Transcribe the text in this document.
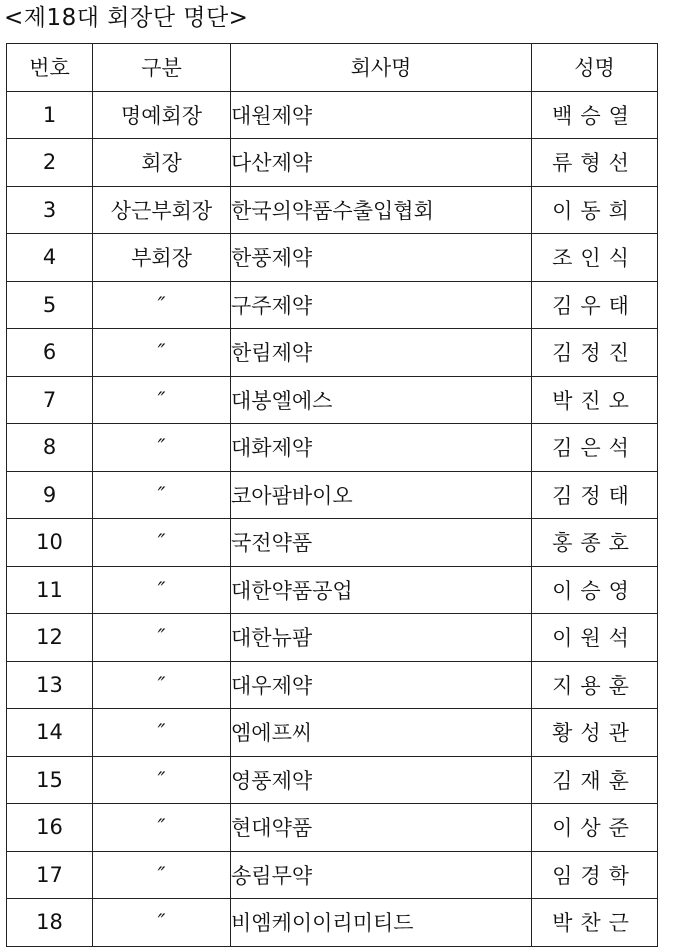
<제18대 회장단 명단>
번호	구분	회사명	성명
1	명예회장	대원제약	백승열
2	회장	다산제약	류형선
3	상근부회장	한국의약품수출입협회	이동희
4	부회장	한풍제약	조인식
5	″	구주제약	김우태
6	″	한림제약	김정진
7	″	대봉엘에스	박진오
8	″	대화제약	김은석
9	″	코아팜바이오	김정태
10	″	국전약품	홍종호
11	″	대한약품공업	이승영
12	″	대한뉴팜	이원석
13	″	대우제약	지용훈
14	″	엠에프씨	황성관
15	″	영풍제약	김재훈
16	″	현대약품	이상준
17	″	송림무약	임경학
18	″	비엠케이이리미티드	박찬근
